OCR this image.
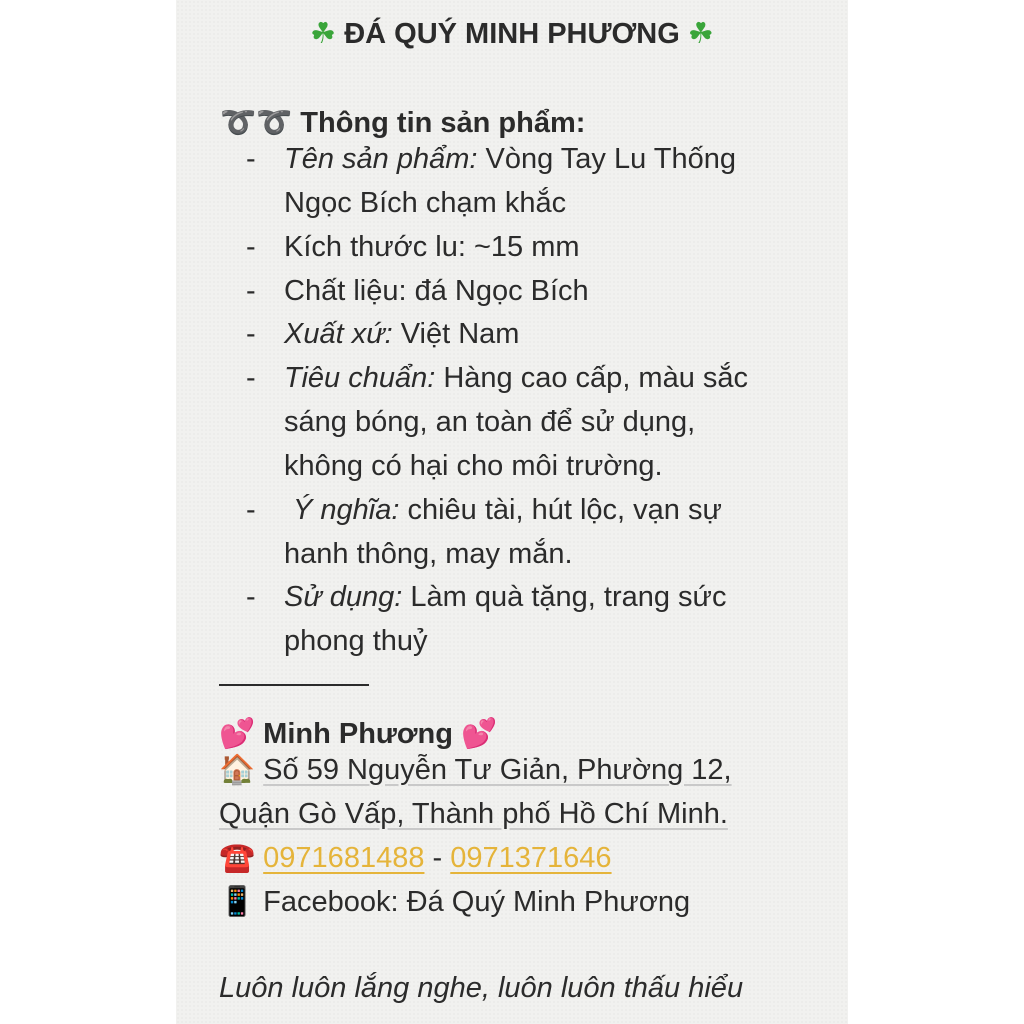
☘ ĐÁ QUÝ MINH PHƯƠNG ☘
➰➰ Thông tin sản phẩm:
- Tên sản phẩm: Vòng Tay Lu Thống
Ngọc Bích chạm khắc
- Kích thước lu: ~15 mm
- Chất liệu: đá Ngọc Bích
- Xuất xứ: Việt Nam
- Tiêu chuẩn: Hàng cao cấp, màu sắc
sáng bóng, an toàn để sử dụng,
không có hại cho môi trường.
- Ý nghĩa: chiêu tài, hút lộc, vạn sự
hanh thông, may mắn.
- Sử dụng: Làm quà tặng, trang sức
phong thuỷ
💕 Minh Phương 💕
🏠 Số 59 Nguyễn Tư Giản, Phường 12,
Quận Gò Vấp, Thành phố Hồ Chí Minh.
☎️ 0971681488 - 0971371646
📱 Facebook: Đá Quý Minh Phương
Luôn luôn lắng nghe, luôn luôn thấu hiểu
